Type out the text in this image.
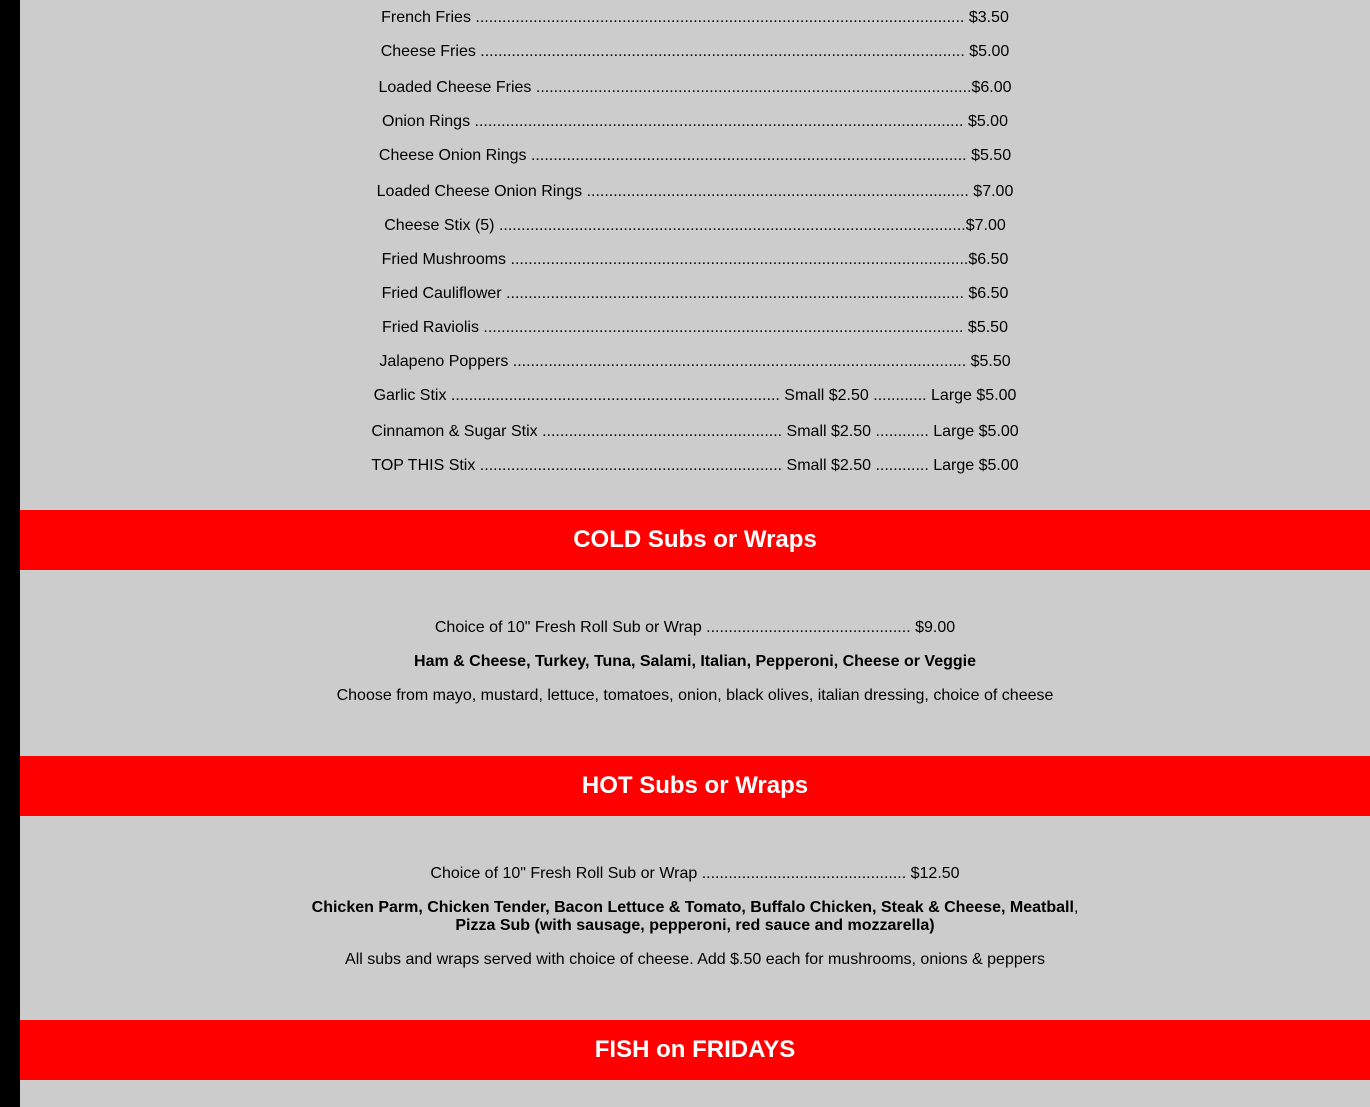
French Fries .............................................................................................................. $3.50
Cheese Fries ............................................................................................................. $5.00
Loaded Cheese Fries ..................................................................................................$6.00
Onion Rings .............................................................................................................. $5.00
Cheese Onion Rings .................................................................................................. $5.50
Loaded Cheese Onion Rings ...................................................................................... $7.00
Cheese Stix (5) .........................................................................................................$7.00
Fried Mushrooms .......................................................................................................$6.50
Fried Cauliflower ....................................................................................................... $6.50
Fried Raviolis ............................................................................................................ $5.50
Jalapeno Poppers ...................................................................................................... $5.50
Garlic Stix .......................................................................... Small $2.50 ............ Large $5.00
Cinnamon & Sugar Stix ...................................................... Small $2.50 ............ Large $5.00
TOP THIS Stix .................................................................... Small $2.50 ............ Large $5.00
COLD Subs or Wraps
Choice of 10" Fresh Roll Sub or Wrap .............................................. $9.00
Ham & Cheese, Turkey, Tuna, Salami, Italian, Pepperoni, Cheese or Veggie
Choose from mayo, mustard, lettuce, tomatoes, onion, black olives, italian dressing, choice of cheese
HOT Subs or Wraps
Choice of 10" Fresh Roll Sub or Wrap .............................................. $12.50
Chicken Parm, Chicken Tender, Bacon Lettuce & Tomato, Buffalo Chicken, Steak & Cheese, Meatball,
Pizza Sub (with sausage, pepperoni, red sauce and mozzarella)
All subs and wraps served with choice of cheese. Add $.50 each for mushrooms, onions & peppers
FISH on FRIDAYS
